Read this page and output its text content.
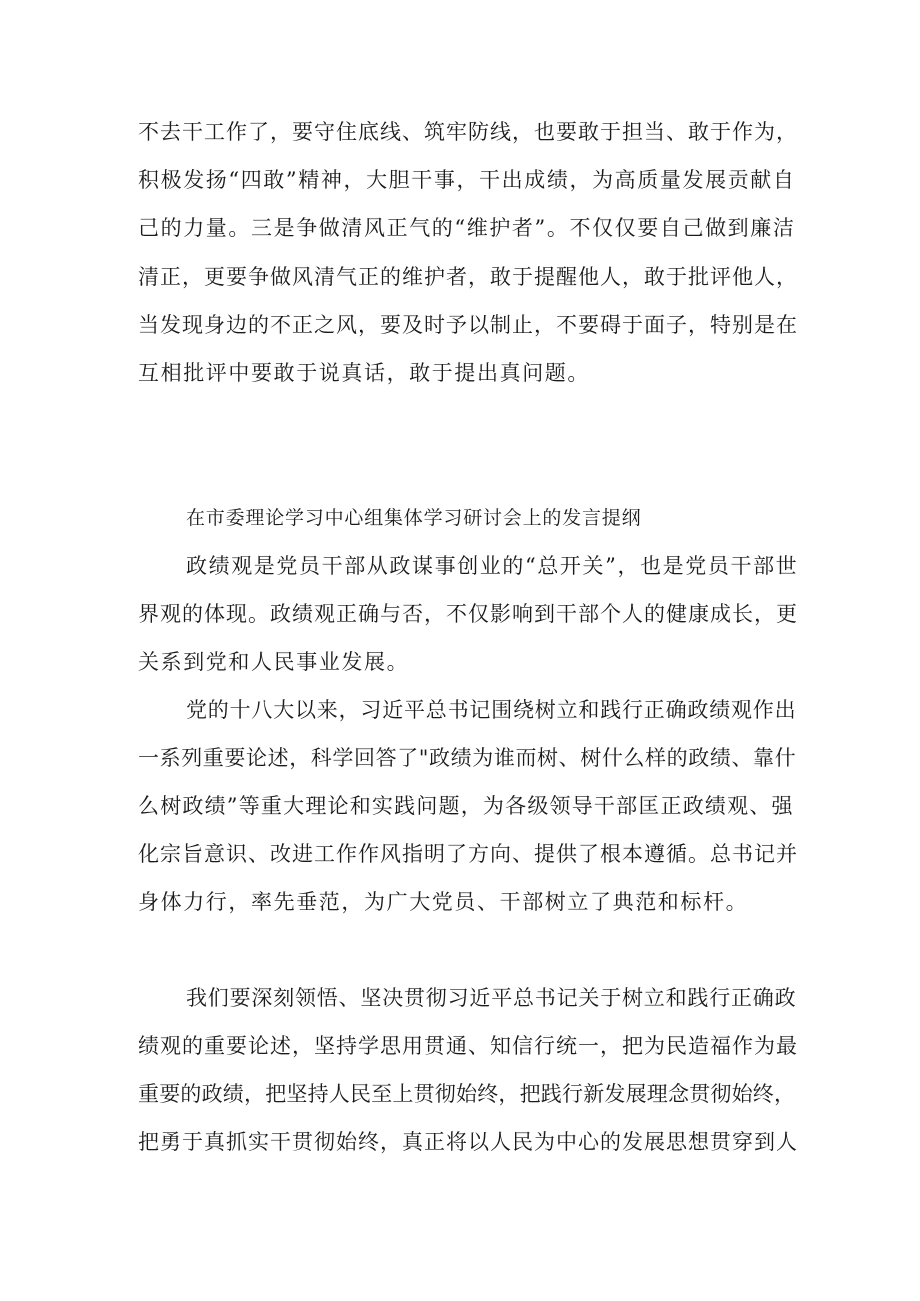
不去干工作了，要守住底线、筑牢防线，也要敢于担当、敢于作为，
积极发扬“四敢”精神，大胆干事，干出成绩，为高质量发展贡献自
己的力量。三是争做清风正气的“维护者”。不仅仅要自己做到廉洁
清正，更要争做风清气正的维护者，敢于提醒他人，敢于批评他人，
当发现身边的不正之风，要及时予以制止，不要碍于面子，特别是在
互相批评中要敢于说真话，敢于提出真问题。
在市委理论学习中心组集体学习研讨会上的发言提纲
政绩观是党员干部从政谋事创业的“总开关”，也是党员干部世
界观的体现。政绩观正确与否，不仅影响到干部个人的健康成长，更
关系到党和人民事业发展。
党的十八大以来，习近平总书记围绕树立和践行正确政绩观作出
一系列重要论述，科学回答了"政绩为谁而树、树什么样的政绩、靠什
么树政绩”等重大理论和实践问题，为各级领导干部匡正政绩观、强
化宗旨意识、改进工作作风指明了方向、提供了根本遵循。总书记并
身体力行，率先垂范，为广大党员、干部树立了典范和标杆。
我们要深刻领悟、坚决贯彻习近平总书记关于树立和践行正确政
绩观的重要论述，坚持学思用贯通、知信行统一，把为民造福作为最
重要的政绩，把坚持人民至上贯彻始终，把践行新发展理念贯彻始终，
把勇于真抓实干贯彻始终，真正将以人民为中心的发展思想贯穿到人
